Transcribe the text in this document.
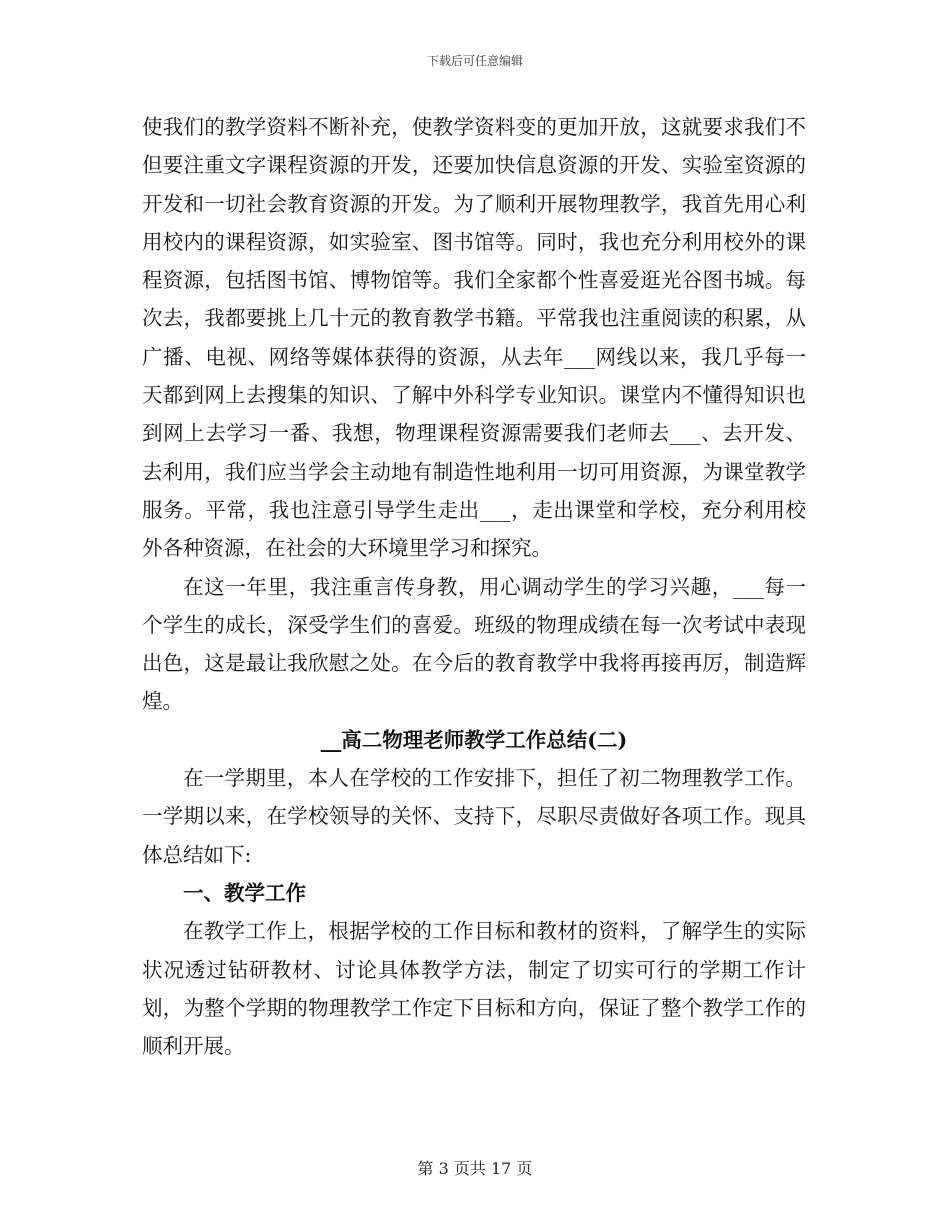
下载后可任意编辑

使我们的教学资料不断补充，使教学资料变的更加开放，这就要求我们不但要注重文字课程资源的开发，还要加快信息资源的开发、实验室资源的开发和一切社会教育资源的开发。为了顺利开展物理教学，我首先用心利用校内的课程资源，如实验室、图书馆等。同时，我也充分利用校外的课程资源，包括图书馆、博物馆等。我们全家都个性喜爱逛光谷图书城。每次去，我都要挑上几十元的教育教学书籍。平常我也注重阅读的积累，从广播、电视、网络等媒体获得的资源，从去年___网线以来，我几乎每一天都到网上去搜集的知识、了解中外科学专业知识。课堂内不懂得知识也到网上去学习一番、我想，物理课程资源需要我们老师去___、去开发、去利用，我们应当学会主动地有制造性地利用一切可用资源，为课堂教学服务。平常，我也注意引导学生走出___，走出课堂和学校，充分利用校外各种资源，在社会的大环境里学习和探究。

在这一年里，我注重言传身教，用心调动学生的学习兴趣，___每一个学生的成长，深受学生们的喜爱。班级的物理成绩在每一次考试中表现出色，这是最让我欣慰之处。在今后的教育教学中我将再接再厉，制造辉煌。

__高二物理老师教学工作总结(二)

在一学期里，本人在学校的工作安排下，担任了初二物理教学工作。一学期以来，在学校领导的关怀、支持下，尽职尽责做好各项工作。现具体总结如下:

一、教学工作

在教学工作上，根据学校的工作目标和教材的资料，了解学生的实际状况透过钻研教材、讨论具体教学方法，制定了切实可行的学期工作计划，为整个学期的物理教学工作定下目标和方向，保证了整个教学工作的顺利开展。

第 3 页共 17 页
